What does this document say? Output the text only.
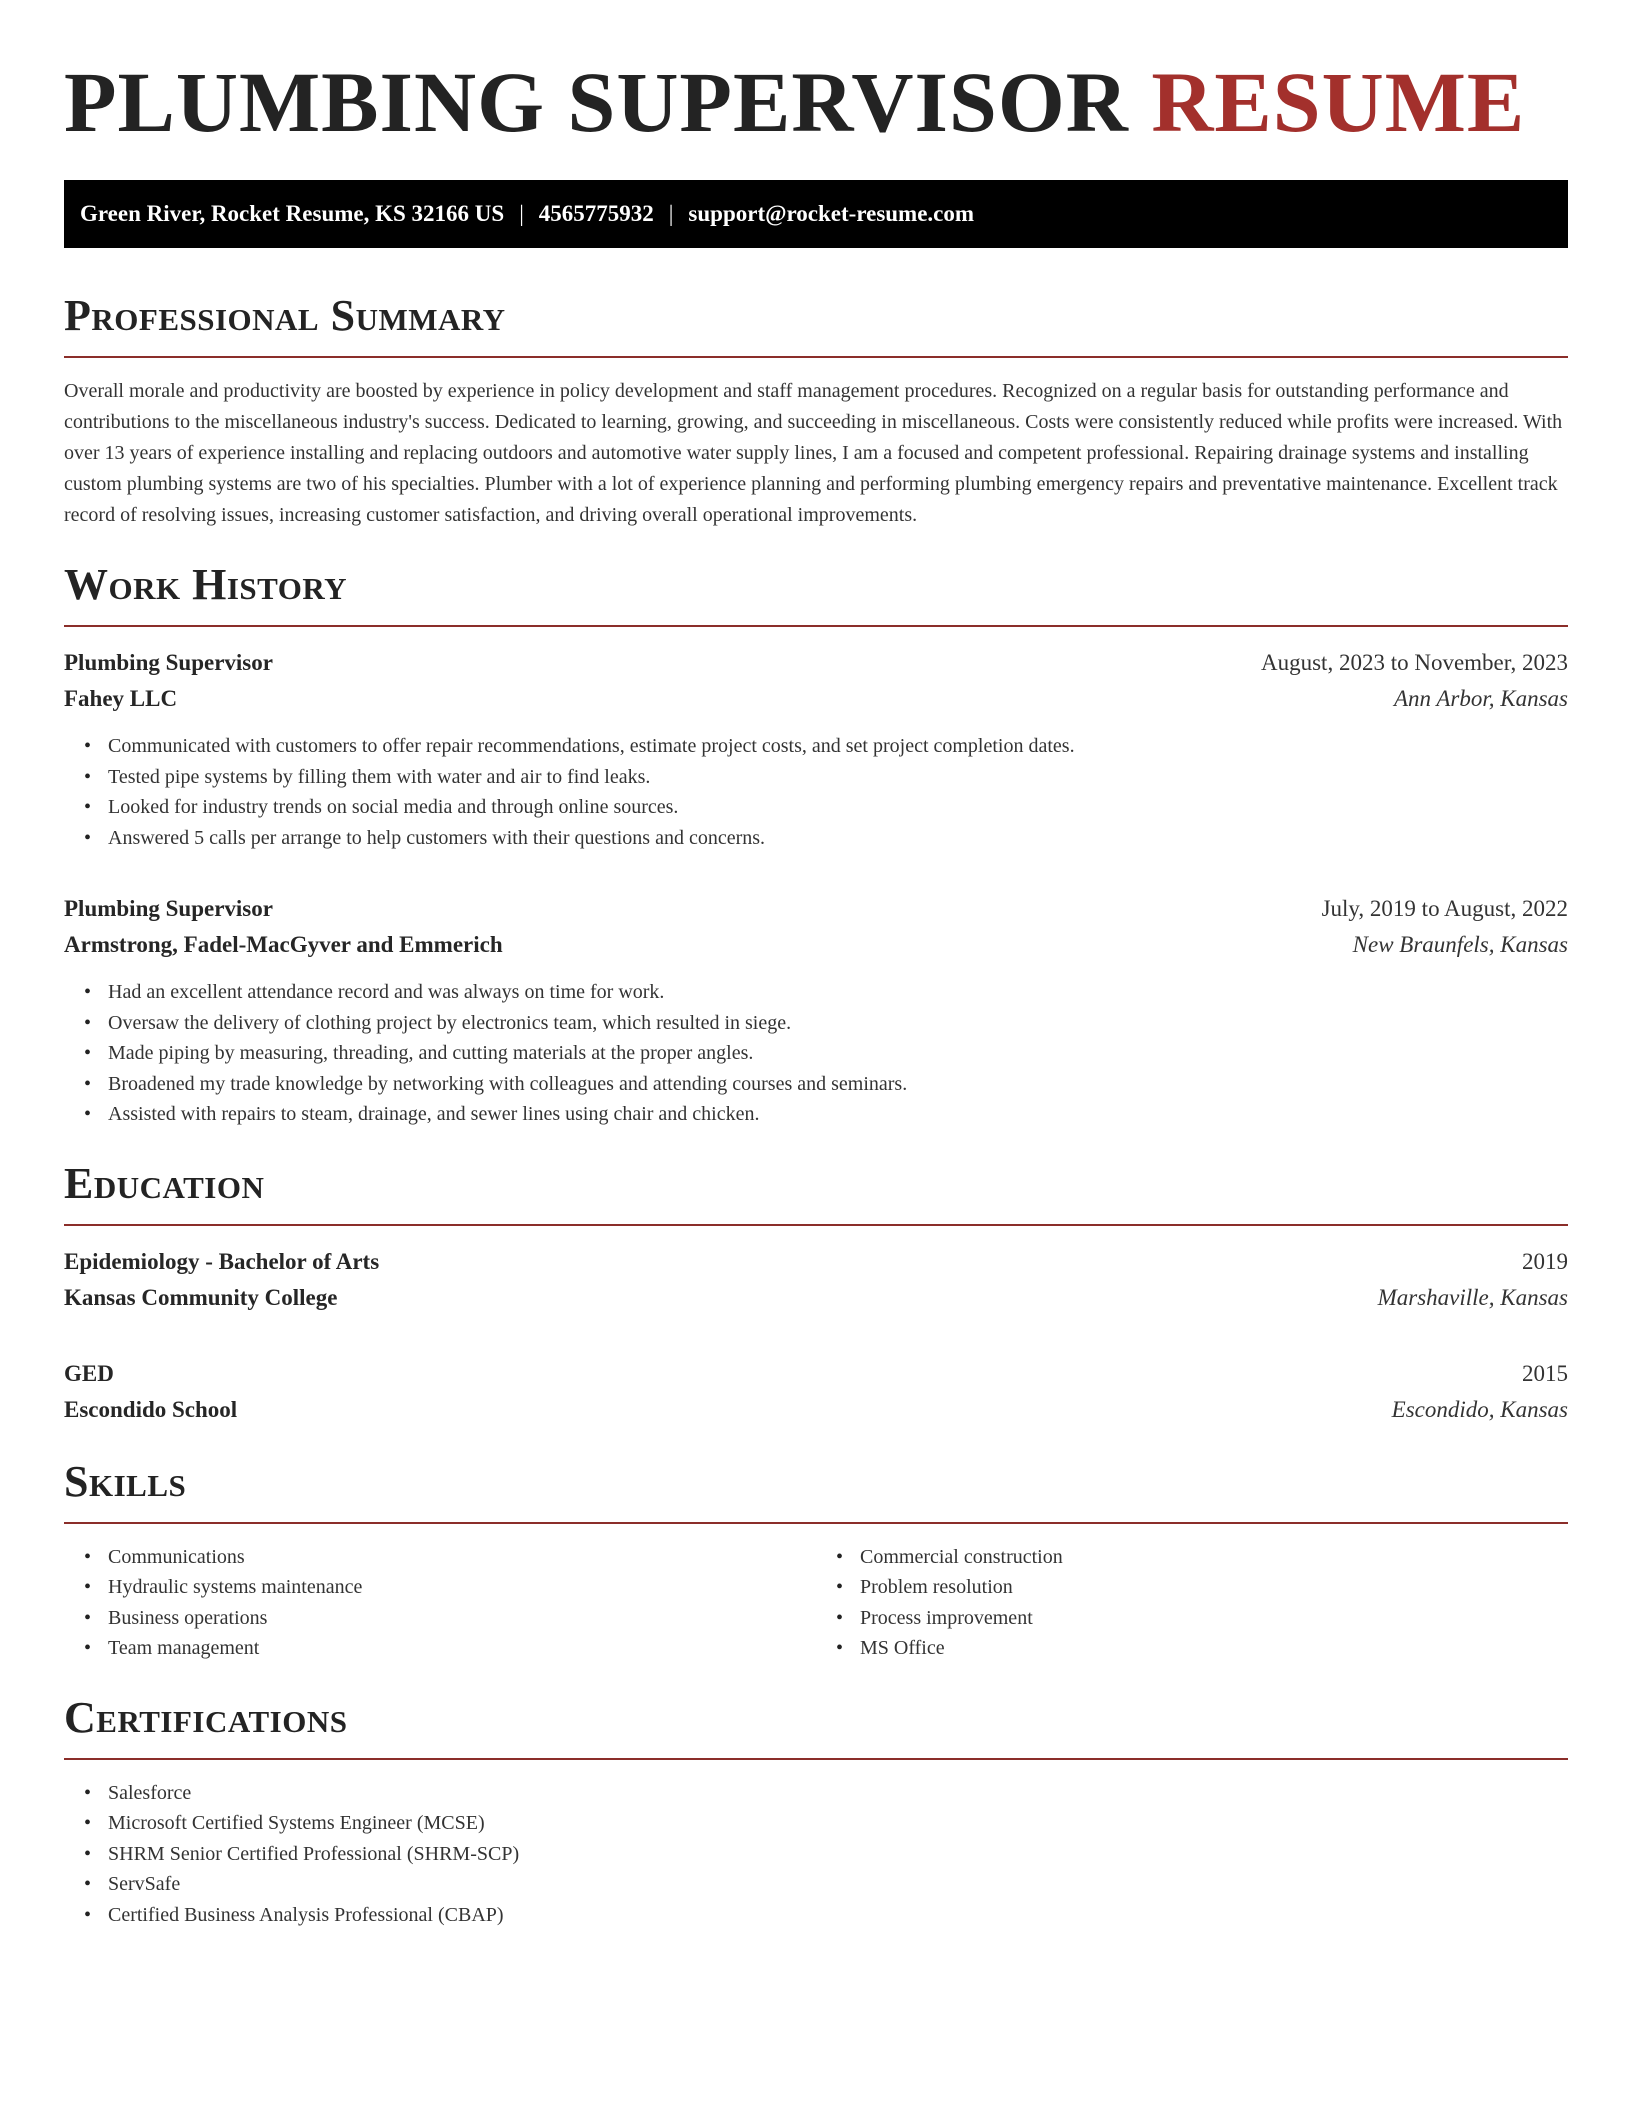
PLUMBING SUPERVISOR RESUME
Green River, Rocket Resume, KS 32166 US | 4565775932 | support@rocket-resume.com
Professional Summary

Overall morale and productivity are boosted by experience in policy development and staff management procedures. Recognized on a regular basis for outstanding performance and contributions to the miscellaneous industry's success. Dedicated to learning, growing, and succeeding in miscellaneous. Costs were consistently reduced while profits were increased. With over 13 years of experience installing and replacing outdoors and automotive water supply lines, I am a focused and competent professional. Repairing drainage systems and installing custom plumbing systems are two of his specialties. Plumber with a lot of experience planning and performing plumbing emergency repairs and preventative maintenance. Excellent track record of resolving issues, increasing customer satisfaction, and driving overall operational improvements.

Work History
Plumbing Supervisor	August, 2023 to November, 2023
Fahey LLC	Ann Arbor, Kansas
• Communicated with customers to offer repair recommendations, estimate project costs, and set project completion dates.
• Tested pipe systems by filling them with water and air to find leaks.
• Looked for industry trends on social media and through online sources.
• Answered 5 calls per arrange to help customers with their questions and concerns.
Plumbing Supervisor	July, 2019 to August, 2022
Armstrong, Fadel-MacGyver and Emmerich	New Braunfels, Kansas
• Had an excellent attendance record and was always on time for work.
• Oversaw the delivery of clothing project by electronics team, which resulted in siege.
• Made piping by measuring, threading, and cutting materials at the proper angles.
• Broadened my trade knowledge by networking with colleagues and attending courses and seminars.
• Assisted with repairs to steam, drainage, and sewer lines using chair and chicken.
Education
Epidemiology - Bachelor of Arts	2019
Kansas Community College	Marshaville, Kansas
GED	2015
Escondido School	Escondido, Kansas
Skills
• Communications
• Hydraulic systems maintenance
• Business operations
• Team management
• Commercial construction
• Problem resolution
• Process improvement
• MS Office
Certifications
• Salesforce
• Microsoft Certified Systems Engineer (MCSE)
• SHRM Senior Certified Professional (SHRM-SCP)
• ServSafe
• Certified Business Analysis Professional (CBAP)
